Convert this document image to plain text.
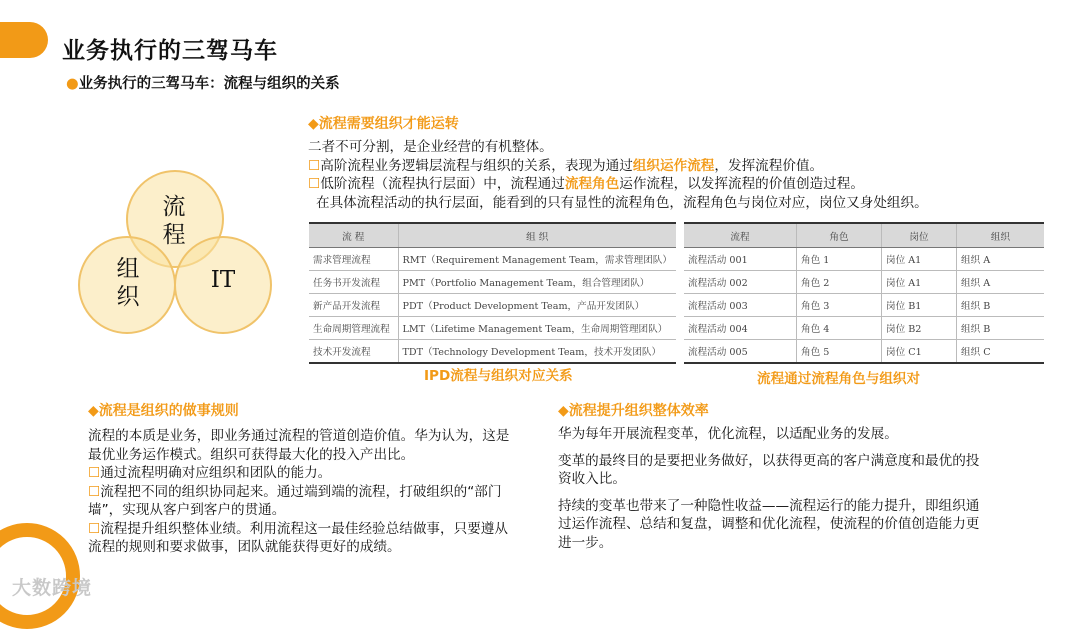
业务执行的三驾马车
●业务执行的三驾马车：流程与组织的关系
流程
组织
IT
◆流程需要组织才能运转
二者不可分割，是企业经营的有机整体。
☐高阶流程业务逻辑层流程与组织的关系，表现为通过组织运作流程，发挥流程价值。
☐低阶流程（流程执行层面）中，流程通过流程角色运作流程，以发挥流程的价值创造过程。
在具体流程活动的执行层面，能看到的只有显性的流程角色，流程角色与岗位对应，岗位又身处组织。
流 程	组 织
需求管理流程	RMT（Requirement Management Team，需求管理团队）
任务书开发流程	PMT（Portfolio Management Team，组合管理团队）
新产品开发流程	PDT（Product Development Team，产品开发团队）
生命周期管理流程	LMT（Lifetime Management Team，生命周期管理团队）
技术开发流程	TDT（Technology Development Team，技术开发团队）
流程	角色	岗位	组织
流程活动 001	角色 1	岗位 A1	组织 A
流程活动 002	角色 2	岗位 A1	组织 A
流程活动 003	角色 3	岗位 B1	组织 B
流程活动 004	角色 4	岗位 B2	组织 B
流程活动 005	角色 5	岗位 C1	组织 C
IPD流程与组织对应关系	流程通过流程角色与组织对
◆流程是组织的做事规则
流程的本质是业务，即业务通过流程的管道创造价值。华为认为，这是最优业务运作模式。组织可获得最大化的投入产出比。
☐通过流程明确对应组织和团队的能力。
☐流程把不同的组织协同起来。通过端到端的流程，打破组织的“部门墙”，实现从客户到客户的贯通。
☐流程提升组织整体业绩。利用流程这一最佳经验总结做事，只要遵从流程的规则和要求做事，团队就能获得更好的成绩。
◆流程提升组织整体效率
华为每年开展流程变革，优化流程，以适配业务的发展。
变革的最终目的是要把业务做好，以获得更高的客户满意度和最优的投资收入比。
持续的变革也带来了一种隐性收益——流程运行的能力提升，即组织通过运作流程、总结和复盘，调整和优化流程，使流程的价值创造能力更进一步。
大数跨境
